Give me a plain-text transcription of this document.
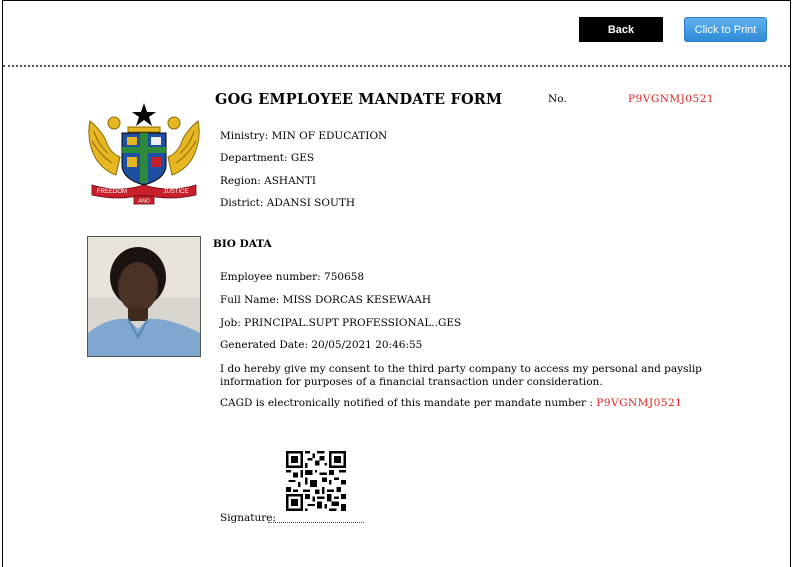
Back	Click to Print
FREEDOM	JUSTICE
AND
GOG EMPLOYEE MANDATE FORM	No.	P9VGNMJ0521
Ministry: MIN OF EDUCATION
Department: GES
Region: ASHANTI
District: ADANSI SOUTH
BIO DATA
Employee number: 750658
Full Name: MISS DORCAS KESEWAAH
Job: PRINCIPAL.SUPT PROFESSIONAL..GES
Generated Date: 20/05/2021 20:46:55
I do hereby give my consent to the third party company to access my personal and payslip information for purposes of a financial transaction under consideration.
CAGD is electronically notified of this mandate per mandate number : P9VGNMJ0521
Signature:
